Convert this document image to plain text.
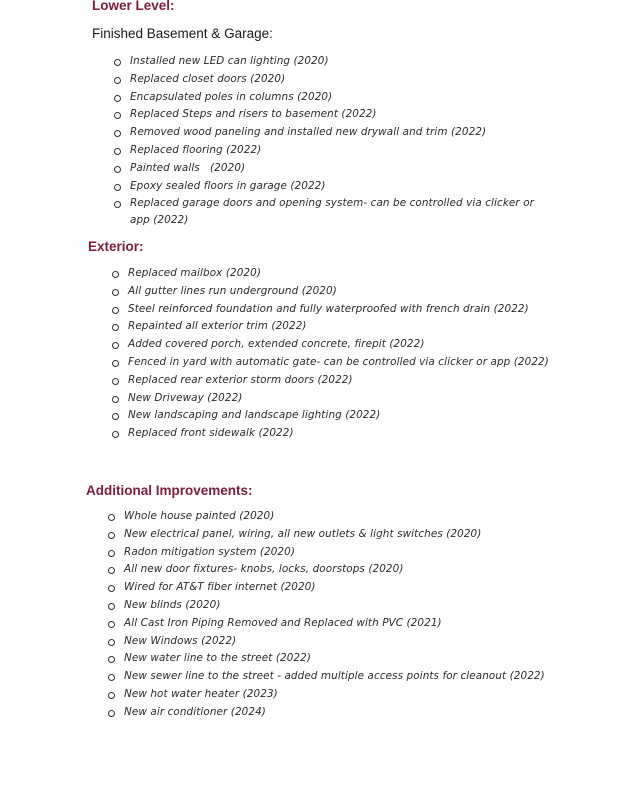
Lower Level:
Finished Basement & Garage:
Installed new LED can lighting (2020)
Replaced closet doors (2020)
Encapsulated poles in columns (2020)
Replaced Steps and risers to basement (2022)
Removed wood paneling and installed new drywall and trim (2022)
Replaced flooring (2022)
Painted walls   (2020)
Epoxy sealed floors in garage (2022)
Replaced garage doors and opening system- can be controlled via clicker or app (2022)
Exterior:
Replaced mailbox (2020)
All gutter lines run underground (2020)
Steel reinforced foundation and fully waterproofed with french drain (2022)
Repainted all exterior trim (2022)
Added covered porch, extended concrete, firepit (2022)
Fenced in yard with automatic gate- can be controlled via clicker or app (2022)
Replaced rear exterior storm doors (2022)
New Driveway (2022)
New landscaping and landscape lighting (2022)
Replaced front sidewalk (2022)
Additional Improvements:
Whole house painted (2020)
New electrical panel, wiring, all new outlets & light switches (2020)
Radon mitigation system (2020)
All new door fixtures- knobs, locks, doorstops (2020)
Wired for AT&T fiber internet (2020)
New blinds (2020)
All Cast Iron Piping Removed and Replaced with PVC (2021)
New Windows (2022)
New water line to the street (2022)
New sewer line to the street - added multiple access points for cleanout (2022)
New hot water heater (2023)
New air conditioner (2024)
